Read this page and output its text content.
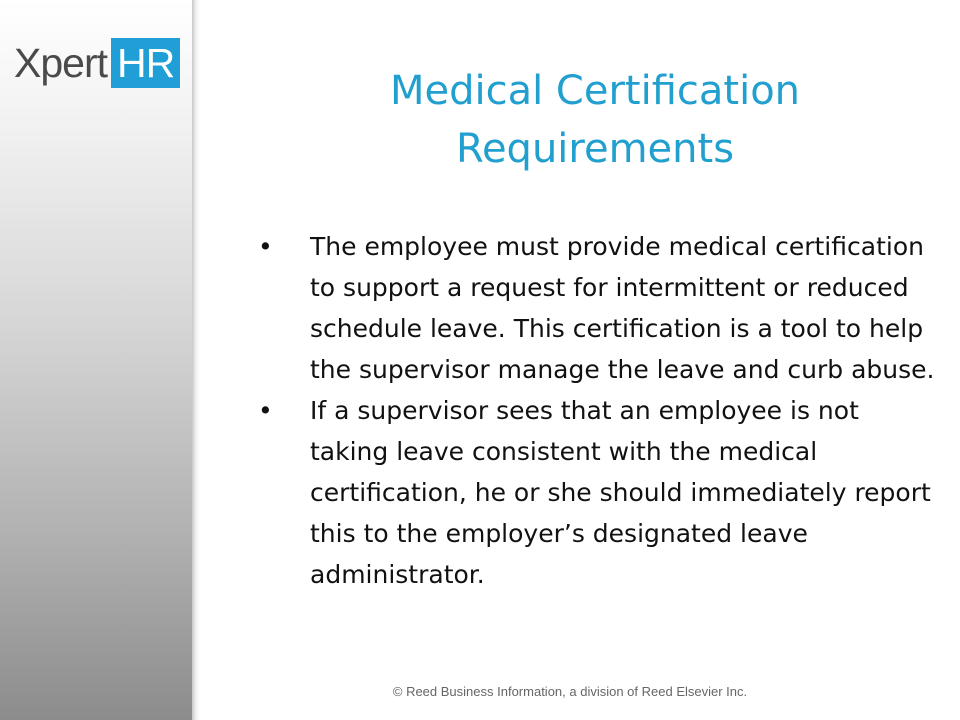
Xpert HR
Medical Certification
Requirements
• The employee must provide medical certification to support a request for intermittent or reduced schedule leave. This certification is a tool to help the supervisor manage the leave and curb abuse.
• If a supervisor sees that an employee is not taking leave consistent with the medical certification, he or she should immediately report this to the employer’s designated leave administrator.
© Reed Business Information, a division of Reed Elsevier Inc.
